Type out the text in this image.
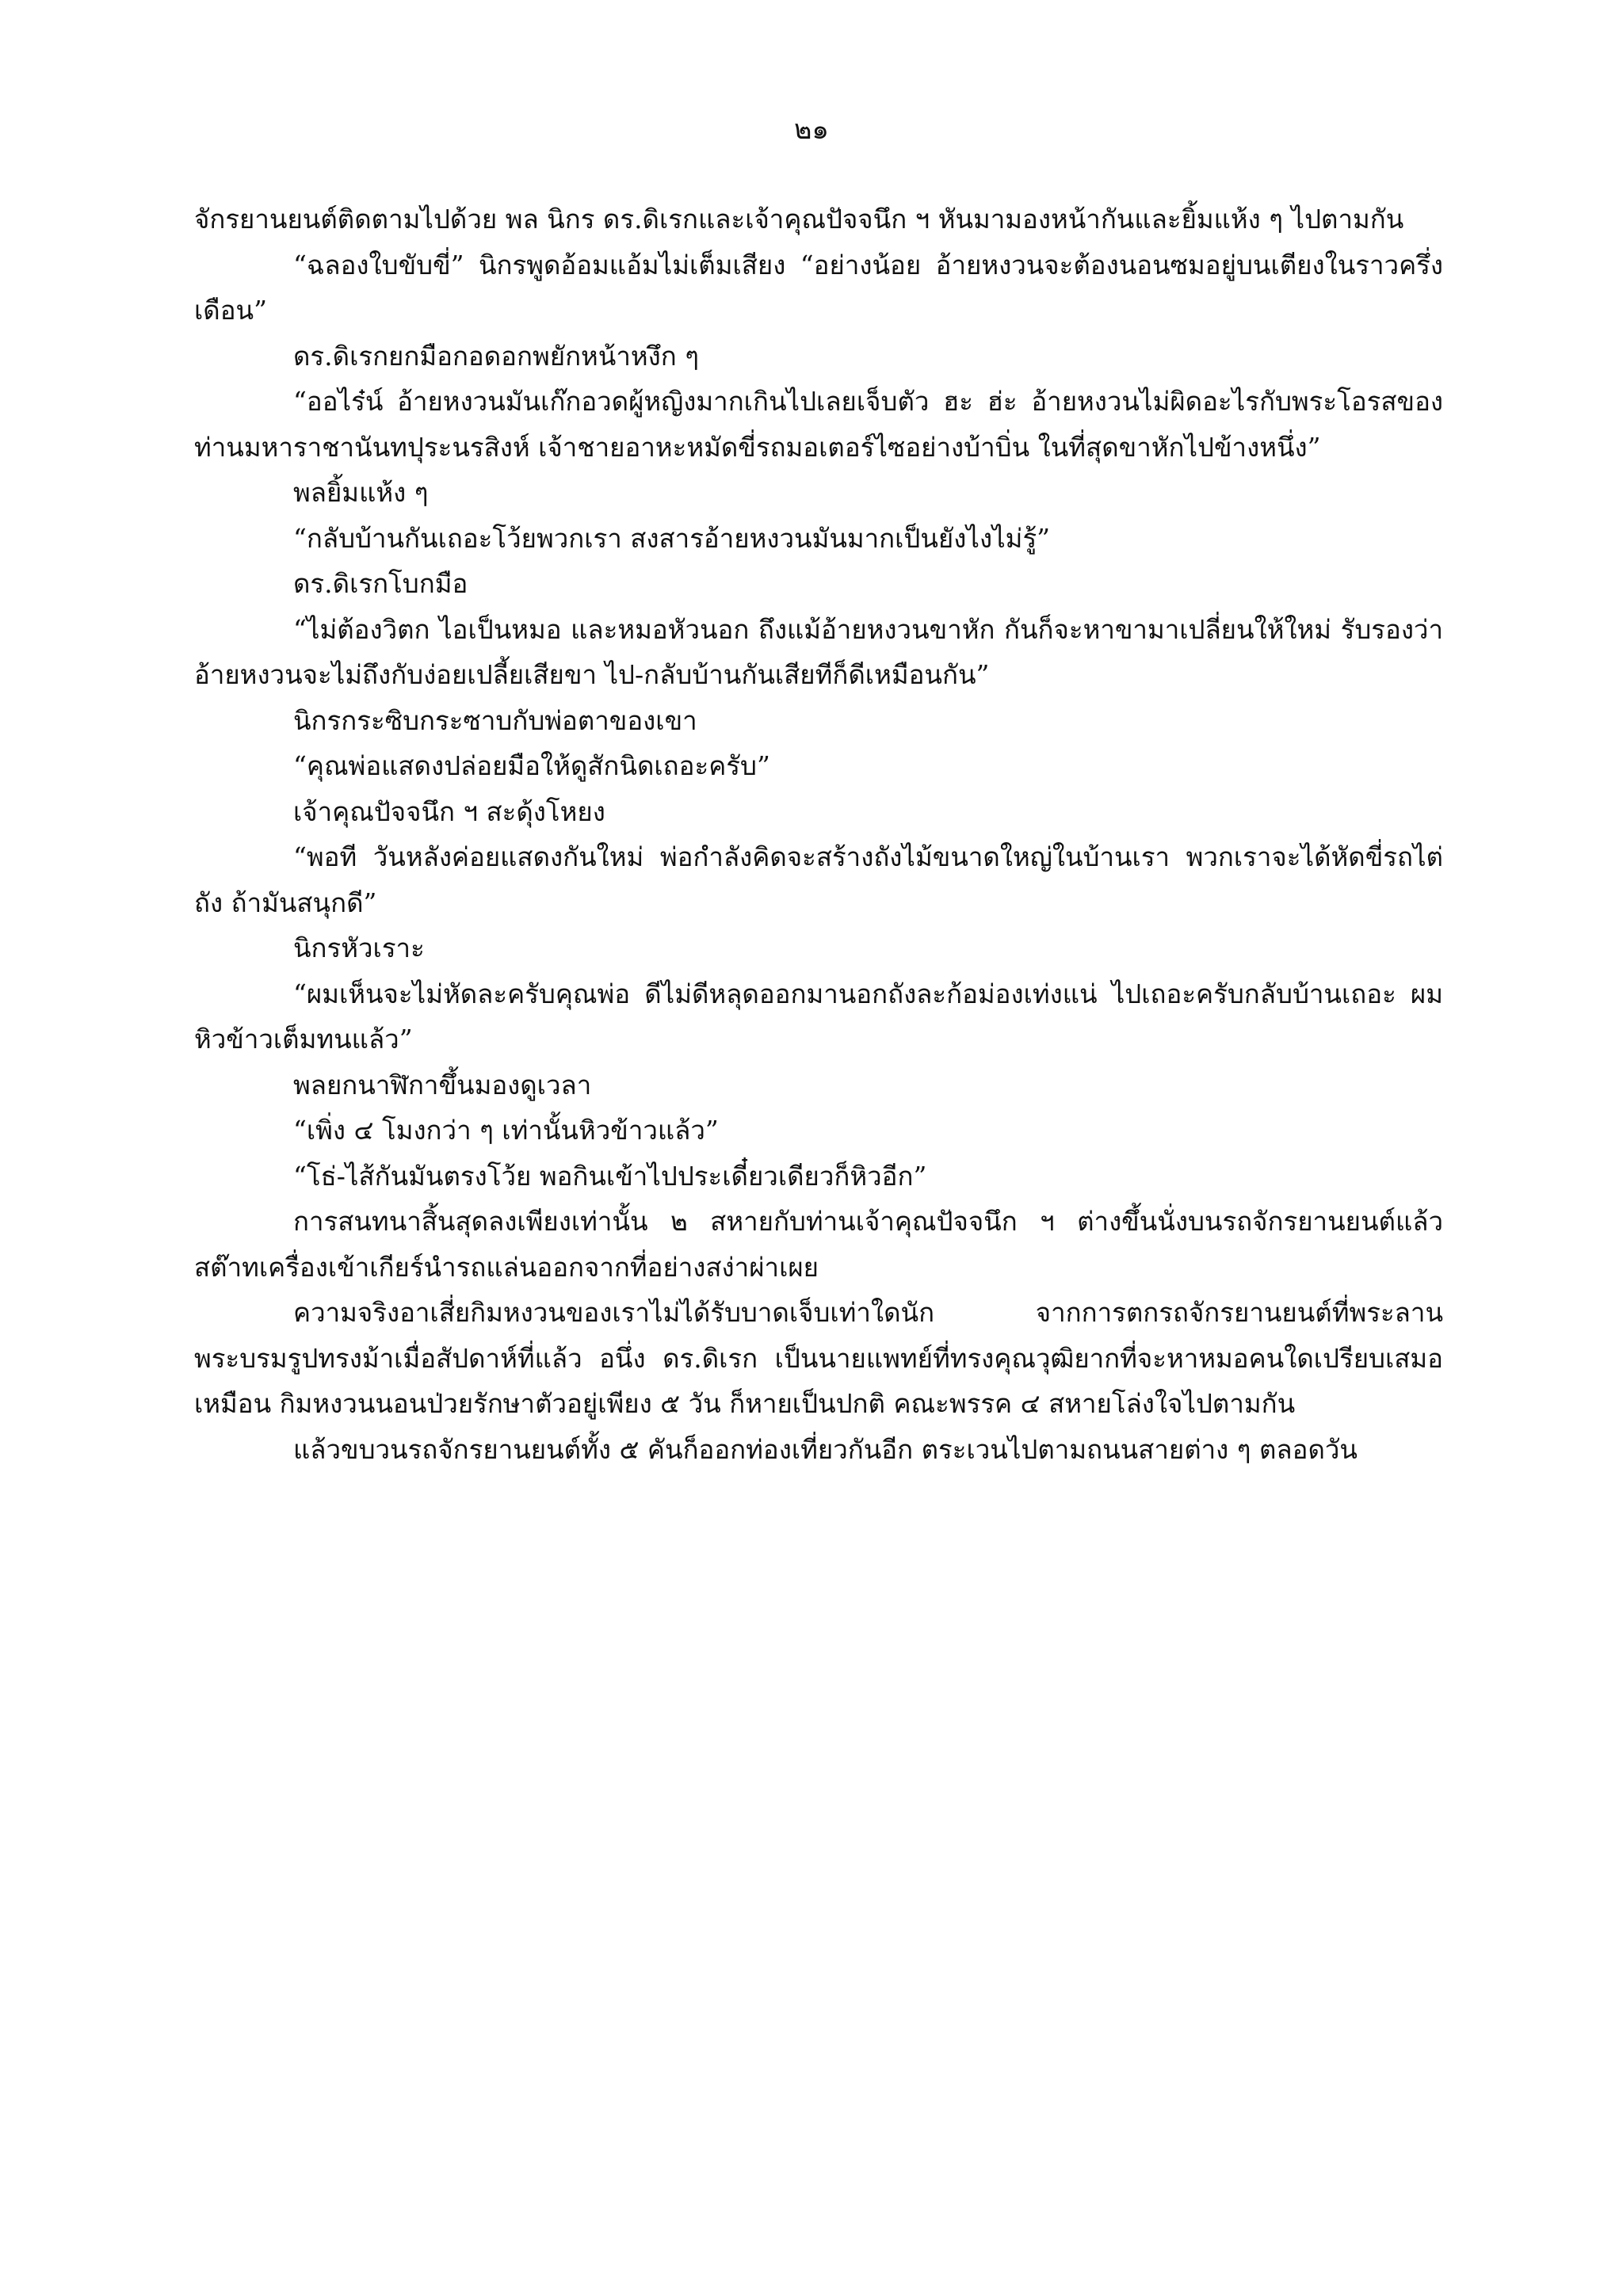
๒๑

จักรยานยนต์ติดตามไปด้วย พล นิกร ดร.ดิเรกและเจ้าคุณปัจจนึก ฯ หันมามองหน้ากันและยิ้มแห้ง ๆ ไปตามกัน

“ฉลองใบขับขี่” นิกรพูดอ้อมแอ้มไม่เต็มเสียง “อย่างน้อย อ้ายหงวนจะต้องนอนซมอยู่บนเตียงในราวครึ่งเดือน”

ดร.ดิเรกยกมือกอดอกพยักหน้าหงึก ๆ

“ออไร๋น์ อ้ายหงวนมันเก๊กอวดผู้หญิงมากเกินไปเลยเจ็บตัว ฮะ ฮ่ะ อ้ายหงวนไม่ผิดอะไรกับพระโอรสของท่านมหาราชานันทปุระนรสิงห์ เจ้าชายอาหะหมัดขี่รถมอเตอร์ไซอย่างบ้าบิ่น ในที่สุดขาหักไปข้างหนึ่ง”

พลยิ้มแห้ง ๆ

“กลับบ้านกันเถอะโว้ยพวกเรา สงสารอ้ายหงวนมันมากเป็นยังไงไม่รู้”

ดร.ดิเรกโบกมือ

“ไม่ต้องวิตก ไอเป็นหมอ และหมอหัวนอก ถึงแม้อ้ายหงวนขาหัก กันก็จะหาขามาเปลี่ยนให้ใหม่ รับรองว่าอ้ายหงวนจะไม่ถึงกับง่อยเปลี้ยเสียขา ไป-กลับบ้านกันเสียทีก็ดีเหมือนกัน”

นิกรกระซิบกระซาบกับพ่อตาของเขา

“คุณพ่อแสดงปล่อยมือให้ดูสักนิดเถอะครับ”

เจ้าคุณปัจจนึก ฯ สะดุ้งโหยง

“พอที วันหลังค่อยแสดงกันใหม่ พ่อกำลังคิดจะสร้างถังไม้ขนาดใหญ่ในบ้านเรา พวกเราจะได้หัดขี่รถไต่ถัง ถ้ามันสนุกดี”

นิกรหัวเราะ

“ผมเห็นจะไม่หัดละครับคุณพ่อ ดีไม่ดีหลุดออกมานอกถังละก้อม่องเท่งแน่ ไปเถอะครับกลับบ้านเถอะ ผมหิวข้าวเต็มทนแล้ว”

พลยกนาฬิกาขึ้นมองดูเวลา

“เพิ่ง ๔ โมงกว่า ๆ เท่านั้นหิวข้าวแล้ว”

“โธ่-ไส้กันมันตรงโว้ย พอกินเข้าไปประเดี๋ยวเดียวก็หิวอีก”

การสนทนาสิ้นสุดลงเพียงเท่านั้น ๒ สหายกับท่านเจ้าคุณปัจจนึก ฯ ต่างขึ้นนั่งบนรถจักรยานยนต์แล้วสต๊าทเครื่องเข้าเกียร์นำรถแล่นออกจากที่อย่างสง่าผ่าเผย

ความจริงอาเสี่ยกิมหงวนของเราไม่ได้รับบาดเจ็บเท่าใดนัก จากการตกรถจักรยานยนต์ที่พระลานพระบรมรูปทรงม้าเมื่อสัปดาห์ที่แล้ว อนึ่ง ดร.ดิเรก เป็นนายแพทย์ที่ทรงคุณวุฒิยากที่จะหาหมอคนใดเปรียบเสมอเหมือน กิมหงวนนอนป่วยรักษาตัวอยู่เพียง ๕ วัน ก็หายเป็นปกติ คณะพรรค ๔ สหายโล่งใจไปตามกัน

แล้วขบวนรถจักรยานยนต์ทั้ง ๕ คันก็ออกท่องเที่ยวกันอีก ตระเวนไปตามถนนสายต่าง ๆ ตลอดวัน
